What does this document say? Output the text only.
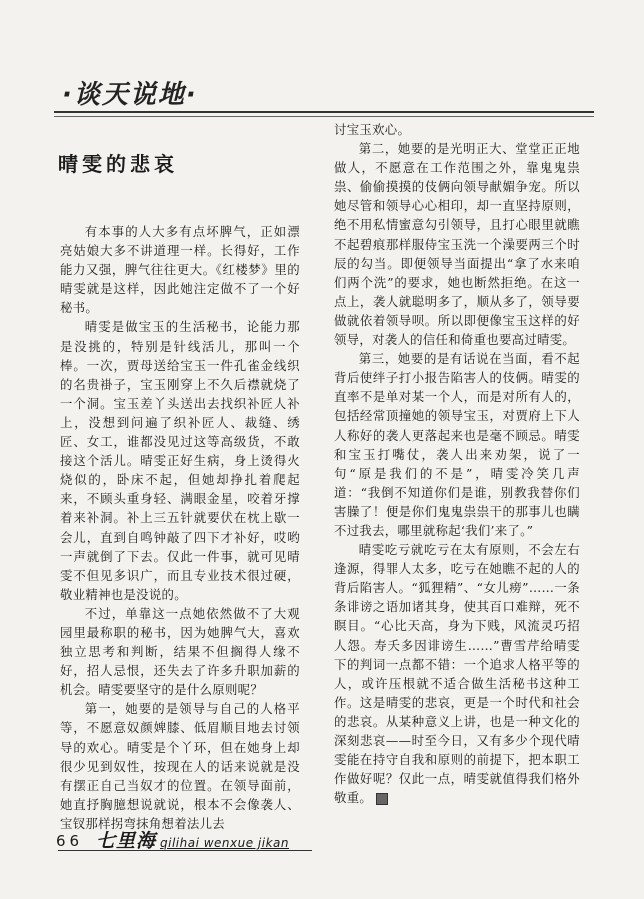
·谈天说地·
晴雯的悲哀

有本事的人大多有点坏脾气，正如漂亮姑娘大多不讲道理一样。长得好，工作能力又强，脾气往往更大。《红楼梦》里的晴雯就是这样，因此她注定做不了一个好秘书。

晴雯是做宝玉的生活秘书，论能力那是没挑的，特别是针线活儿，那叫一个棒。一次，贾母送给宝玉一件孔雀金线织的名贵褂子，宝玉刚穿上不久后襟就烧了一个洞。宝玉差丫头送出去找织补匠人补上，没想到问遍了织补匠人、裁缝、绣匠、女工，谁都没见过这等高级货，不敢接这个活儿。晴雯正好生病，身上烫得火烧似的，卧床不起，但她却挣扎着爬起来，不顾头重身轻、满眼金星，咬着牙撑着来补洞。补上三五针就要伏在枕上歇一会儿，直到自鸣钟敲了四下才补好，哎哟一声就倒了下去。仅此一件事，就可见晴雯不但见多识广，而且专业技术很过硬，敬业精神也是没说的。

不过，单靠这一点她依然做不了大观园里最称职的秘书，因为她脾气大，喜欢独立思考和判断，结果不但搁得人缘不好，招人忌恨，还失去了许多升职加薪的机会。晴雯要坚守的是什么原则呢？

第一，她要的是领导与自己的人格平等，不愿意奴颜婢膝、低眉顺目地去讨领导的欢心。晴雯是个丫环，但在她身上却很少见到奴性，按现在人的话来说就是没有摆正自己当奴才的位置。在领导面前，她直抒胸臆想说就说，根本不会像袭人、宝钗那样拐弯抹角想着法儿去

讨宝玉欢心。

第二，她要的是光明正大、堂堂正正地做人，不愿意在工作范围之外，靠鬼鬼祟祟、偷偷摸摸的伎俩向领导献媚争宠。所以她尽管和领导心心相印，却一直坚持原则，绝不用私情蜜意勾引领导，且打心眼里就瞧不起碧痕那样服侍宝玉洗一个澡要两三个时辰的勾当。即便领导当面提出“拿了水来咱们两个洗”的要求，她也断然拒绝。在这一点上，袭人就聪明多了，顺从多了，领导要做就依着领导呗。所以即便像宝玉这样的好领导，对袭人的信任和倚重也要高过晴雯。

第三，她要的是有话说在当面，看不起背后使绊子打小报告陷害人的伎俩。晴雯的直率不是单对某一个人，而是对所有人的，包括经常顶撞她的领导宝玉，对贾府上下人人称好的袭人更落起来也是毫不顾忌。晴雯和宝玉打嘴仗，袭人出来劝架，说了一句“原是我们的不是”，晴雯冷笑几声道：“我倒不知道你们是谁，别教我替你们害臊了！便是你们鬼鬼祟祟干的那事儿也瞒不过我去，哪里就称起‘我们’来了。”

晴雯吃亏就吃亏在太有原则，不会左右逢源，得罪人太多，吃亏在她瞧不起的人的背后陷害人。“狐狸精”、“女儿痨”……一条条诽谤之语加诸其身，使其百口难辩，死不瞑目。“心比天高，身为下贱，风流灵巧招人怨。寿夭多因诽谤生……”曹雪芹给晴雯下的判词一点都不错：一个追求人格平等的人，或许压根就不适合做生活秘书这种工作。这是晴雯的悲哀，更是一个时代和社会的悲哀。从某种意义上讲，也是一种文化的深刻悲哀——时至今日，又有多少个现代晴雯能在持守自我和原则的前提下，把本职工作做好呢？仅此一点，晴雯就值得我们格外敬重。

66 七里海 qilihai wenxue jikan
